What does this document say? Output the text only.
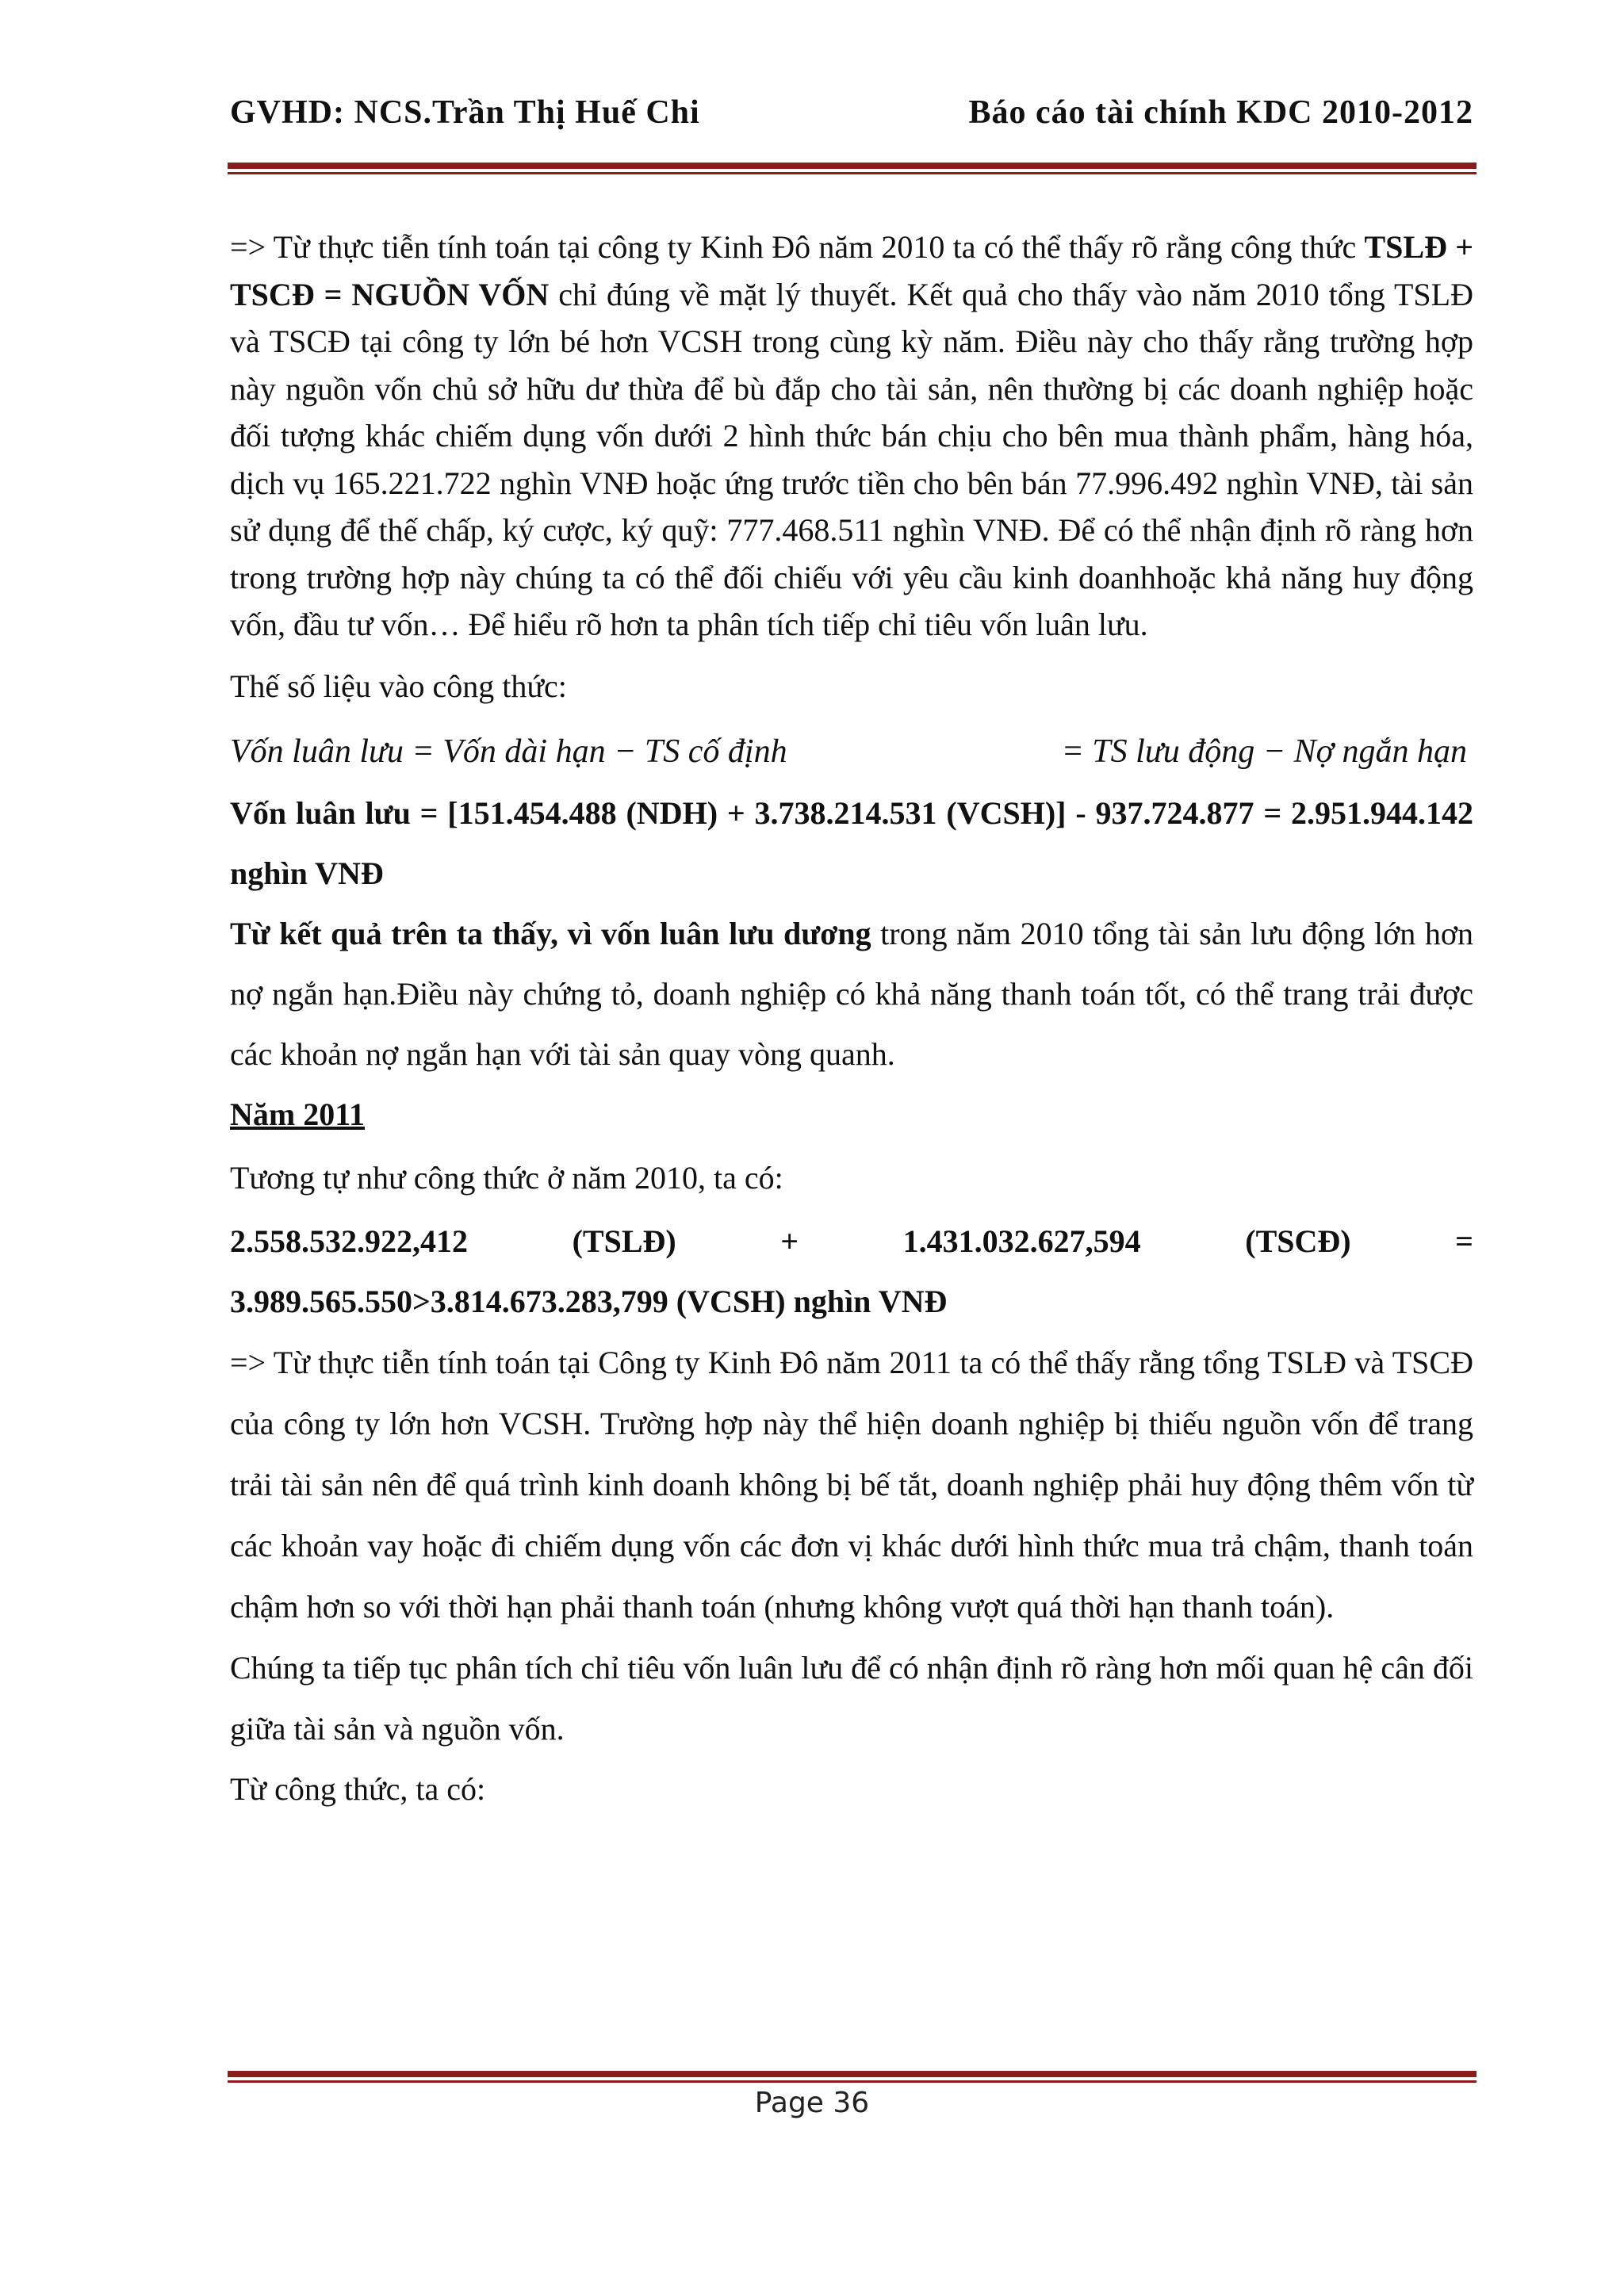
GVHD: NCS.Trần Thị Huế Chi	Báo cáo tài chính KDC 2010-2012

=> Từ thực tiễn tính toán tại công ty Kinh Đô năm 2010 ta có thể thấy rõ rằng công thức TSLĐ + TSCĐ = NGUỒN VỐN chỉ đúng về mặt lý thuyết. Kết quả cho thấy vào năm 2010 tổng TSLĐ và TSCĐ tại công ty lớn bé hơn VCSH trong cùng kỳ năm. Điều này cho thấy rằng trường hợp này nguồn vốn chủ sở hữu dư thừa để bù đắp cho tài sản, nên thường bị các doanh nghiệp hoặc đối tượng khác chiếm dụng vốn dưới 2 hình thức bán chịu cho bên mua thành phẩm, hàng hóa, dịch vụ 165.221.722 nghìn VNĐ hoặc ứng trước tiền cho bên bán 77.996.492 nghìn VNĐ, tài sản sử dụng để thế chấp, ký cược, ký quỹ: 777.468.511 nghìn VNĐ. Để có thể nhận định rõ ràng hơn trong trường hợp này chúng ta có thể đối chiếu với yêu cầu kinh doanhhoặc khả năng huy động vốn, đầu tư vốn… Để hiểu rõ hơn ta phân tích tiếp chỉ tiêu vốn luân lưu.

Thế số liệu vào công thức:

Vốn luân lưu = Vốn dài hạn − TS cố định	= TS lưu động − Nợ ngắn hạn

Vốn luân lưu = [151.454.488 (NDH) + 3.738.214.531 (VCSH)] - 937.724.877 = 2.951.944.142 nghìn VNĐ

Từ kết quả trên ta thấy, vì vốn luân lưu dương trong năm 2010 tổng tài sản lưu động lớn hơn nợ ngắn hạn.Điều này chứng tỏ, doanh nghiệp có khả năng thanh toán tốt, có thể trang trải được các khoản nợ ngắn hạn với tài sản quay vòng quanh.

Năm 2011

Tương tự như công thức ở năm 2010, ta có:

2.558.532.922,412	(TSLĐ)	+	1.431.032.627,594	(TSCĐ)	=

3.989.565.550>3.814.673.283,799 (VCSH) nghìn VNĐ

=> Từ thực tiễn tính toán tại Công ty Kinh Đô năm 2011 ta có thể thấy rằng tổng TSLĐ và TSCĐ của công ty lớn hơn VCSH. Trường hợp này thể hiện doanh nghiệp bị thiếu nguồn vốn để trang trải tài sản nên để quá trình kinh doanh không bị bế tắt, doanh nghiệp phải huy động thêm vốn từ các khoản vay hoặc đi chiếm dụng vốn các đơn vị khác dưới hình thức mua trả chậm, thanh toán chậm hơn so với thời hạn phải thanh toán (nhưng không vượt quá thời hạn thanh toán).

Chúng ta tiếp tục phân tích chỉ tiêu vốn luân lưu để có nhận định rõ ràng hơn mối quan hệ cân đối giữa tài sản và nguồn vốn.

Từ công thức, ta có:

Page 36
